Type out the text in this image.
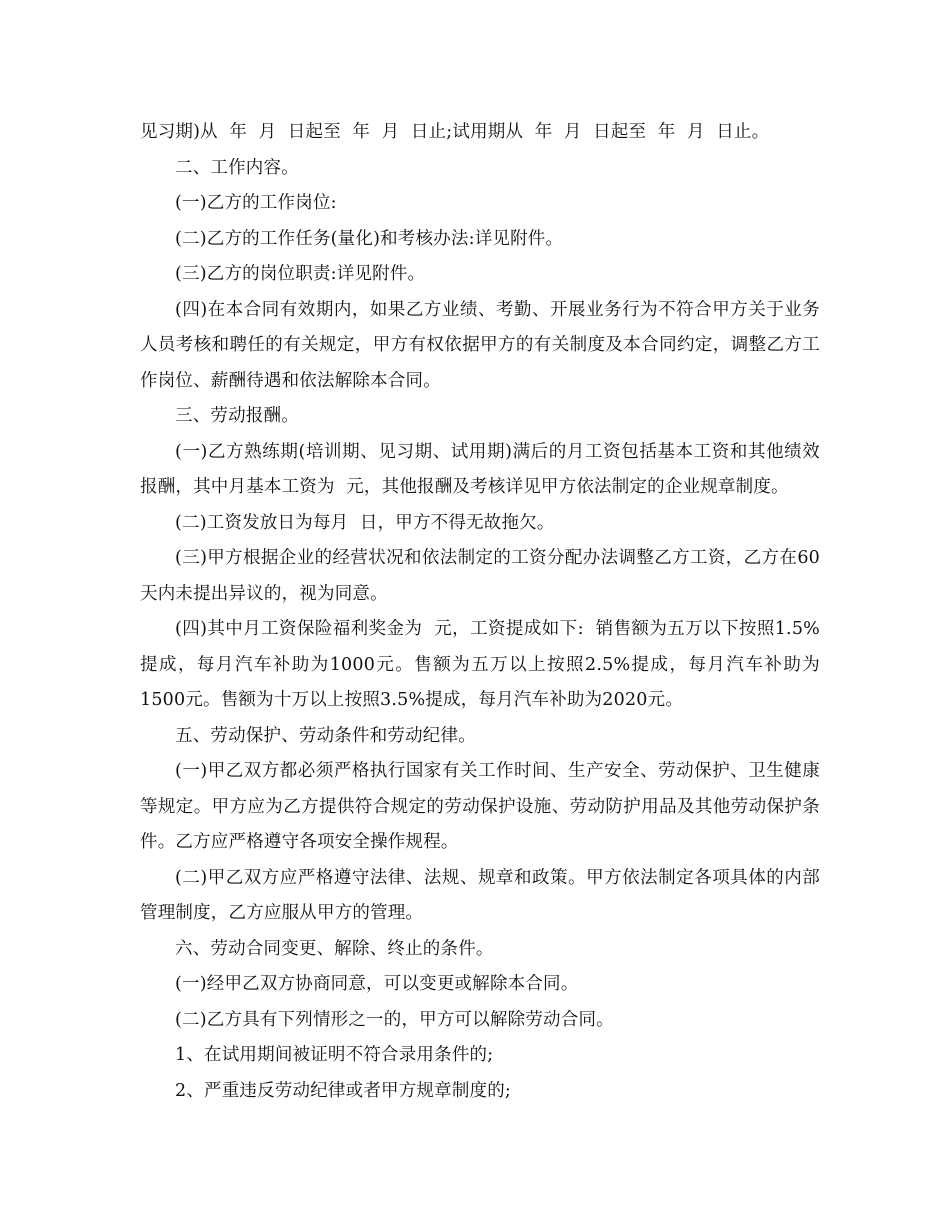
见习期)从  年  月  日起至  年  月  日止;试用期从  年  月  日起至  年  月  日止。

二、工作内容。

(一)乙方的工作岗位:

(二)乙方的工作任务(量化)和考核办法:详见附件。

(三)乙方的岗位职责:详见附件。

(四)在本合同有效期内，如果乙方业绩、考勤、开展业务行为不符合甲方关于业务人员考核和聘任的有关规定，甲方有权依据甲方的有关制度及本合同约定，调整乙方工作岗位、薪酬待遇和依法解除本合同。

三、劳动报酬。

(一)乙方熟练期(培训期、见习期、试用期)满后的月工资包括基本工资和其他绩效报酬，其中月基本工资为  元，其他报酬及考核详见甲方依法制定的企业规章制度。

(二)工资发放日为每月  日，甲方不得无故拖欠。

(三)甲方根据企业的经营状况和依法制定的工资分配办法调整乙方工资，乙方在60天内未提出异议的，视为同意。

(四)其中月工资保险福利奖金为  元，工资提成如下:  销售额为五万以下按照1.5%提成，每月汽车补助为1000元。售额为五万以上按照2.5%提成，每月汽车补助为1500元。售额为十万以上按照3.5%提成，每月汽车补助为2020元。

五、劳动保护、劳动条件和劳动纪律。

(一)甲乙双方都必须严格执行国家有关工作时间、生产安全、劳动保护、卫生健康等规定。甲方应为乙方提供符合规定的劳动保护设施、劳动防护用品及其他劳动保护条件。乙方应严格遵守各项安全操作规程。

(二)甲乙双方应严格遵守法律、法规、规章和政策。甲方依法制定各项具体的内部管理制度，乙方应服从甲方的管理。

六、劳动合同变更、解除、终止的条件。

(一)经甲乙双方协商同意，可以变更或解除本合同。

(二)乙方具有下列情形之一的，甲方可以解除劳动合同。

1、在试用期间被证明不符合录用条件的;

2、严重违反劳动纪律或者甲方规章制度的;
